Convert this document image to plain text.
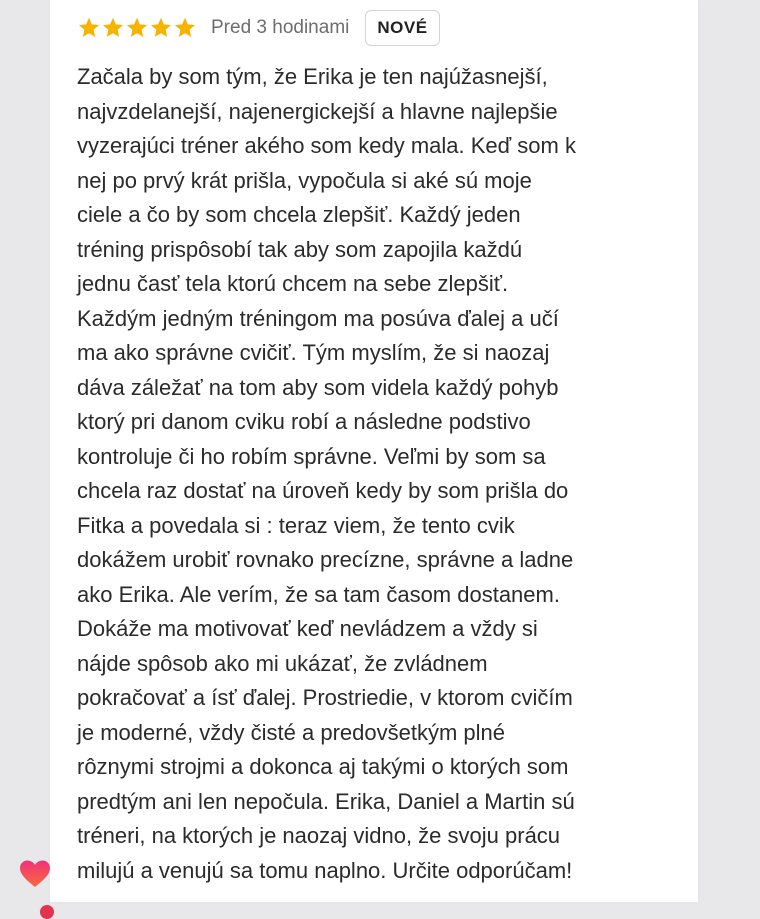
Pred 3 hodinami	NOVÉ
Začala by som tým, že Erika je ten najúžasnejší,
najvzdelanejší, najenergickejší a hlavne najlepšie
vyzerajúci tréner akého som kedy mala. Keď som k
nej po prvý krát prišla, vypočula si aké sú moje
ciele a čo by som chcela zlepšiť. Každý jeden
tréning prispôsobí tak aby som zapojila každú
jednu časť tela ktorú chcem na sebe zlepšiť.
Každým jedným tréningom ma posúva ďalej a učí
ma ako správne cvičiť. Tým myslím, že si naozaj
dáva záležať na tom aby som videla každý pohyb
ktorý pri danom cviku robí a následne podstivo
kontroluje či ho robím správne. Veľmi by som sa
chcela raz dostať na úroveň kedy by som prišla do
Fitka a povedala si : teraz viem, že tento cvik
dokážem urobiť rovnako precízne, správne a ladne
ako Erika. Ale verím, že sa tam časom dostanem.
Dokáže ma motivovať keď nevládzem a vždy si
nájde spôsob ako mi ukázať, že zvládnem
pokračovať a ísť ďalej. Prostriedie, v ktorom cvičím
je moderné, vždy čisté a predovšetkým plné
rôznymi strojmi a dokonca aj takými o ktorých som
predtým ani len nepočula. Erika, Daniel a Martin sú
tréneri, na ktorých je naozaj vidno, že svoju prácu
milujú a venujú sa tomu naplno. Určite odporúčam!
